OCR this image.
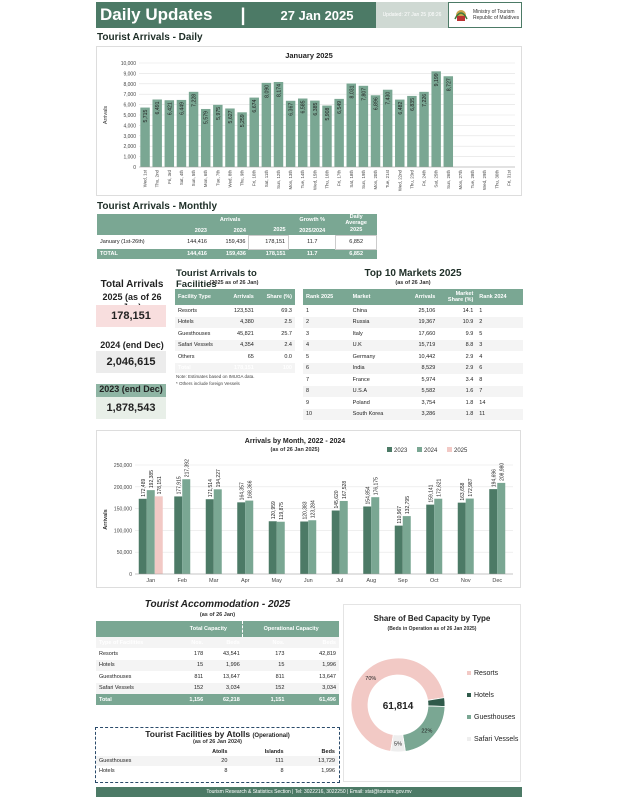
Daily Updates	|	27 Jan 2025	Updated: 27 Jan 25 |08:26	Ministry of Tourism
Republic of Maldives
Tourist Arrivals - Daily
January 2025
Arrivals
0
1,000
2,000
3,000
4,000
5,000
6,000
7,000
8,000
9,000
10,000
5,715
Wed, 1st
6,491
Thu, 2nd
6,421
Fri, 3rd
6,449
Sat, 4th
7,228
Sun, 5th
5,579
Mon, 6th
5,975
Tue, 7th
5,627
Wed, 8th
5,259
Thu, 9th
6,674
Fri, 10th
8,090
Sat, 11th
8,174
Sun, 12th
6,367
Mon, 13th
6,585
Tue, 14th
6,385
Wed, 15th
5,908
Thu, 16th
6,549
Fri, 17th
8,031
Sat, 18th
7,807
Sun, 19th
6,896
Mon, 20th
7,430
Tue, 21st
6,482
Wed, 22nd
6,835
Thu, 23rd
7,226
Fri, 24th
9,199
Sat, 25th
8,727
Sun, 26th Mon, 27th Tue, 28th Wed, 29th Thu, 30th Fri, 31st
Tourist Arrivals - Monthly
	Arrivals			Growth %	Daily
Average
	2023	2024	2025	2025/2024	2025
January (1st-26th)	144,416	159,436	178,151	11.7	6,852
TOTAL	144,416	159,436	178,151	11.7	6,852
Total Arrivals
2025 (as of 26
178,151
2024 (end Dec)
2,046,615
2023 (end Dec)
1,878,543
Tourist Arrivals to Facilities
(2025 as of 26 Jan)
Facility Type	Arrivals	Share (%)
Resorts	123,531	69.3
Hotels	4,380	2.5
Guesthouses	45,821	25.7
Safari Vessels	4,354	2.4
Others	65	0.0
Total	178,151	100
Note: Estimates based on IMUGA data.
* Others include foreign Vessels
Top 10 Markets 2025
(as of 26 Jan)
Rank 2025	Market	Arrivals	Market Share (%)	Rank 2024
1	China	25,106	14.1	1
2	Russia	19,367	10.9	2
3	Italy	17,660	9.9	5
4	U.K	15,719	8.8	3
5	Germany	10,442	2.9	4
6	India	8,529	2.9	6
7	France	5,974	3.4	8
8	U.S.A	5,582	1.6	7
9	Poland	3,754	1.8	14
10	South Korea	3,286	1.8	11
Arrivals by Month, 2022 - 2024
(as of 26 Jan 2025)
Arrivals
2023	2024	2025
0
50,000
100,000
150,000
200,000
250,000
172,489 192,385 178,151
Jan
177,915
217,392
Feb
171,514
194,227
Mar
164,357 168,366
Apr
120,959 119,875
May
120,383 123,284
Jun
145,620
167,528
Jul
154,854
176,175
Aug
110,967
132,795
Sep
159,141 172,621
Oct
163,658 172,987
Nov
194,696 208,980
Dec
Tourist Accommodation - 2025
(as of 26 Jan)
	Total Capacity		Operational Capacity	
Type of Facilities	Nos.	Beds	Nos.	Beds
Resorts	178	43,541	173	42,819
Hotels	15	1,996	15	1,996
Guesthouses	811	13,647	811	13,647
Safari Vessels	152	3,034	152	3,034
Total	1,156	62,218	1,151	61,496
Tourist Facilities by Atolls (Operational)
(as of 26 Jan 2024)
	Atolls	Islands	Beds
Guesthouses	20	111	13,729
Hotels	8	8	1,996
Share of Bed Capacity by Type
(Beds in Operation as of 26 Jan 2025)
70%
22%
5%
61,814
Resorts
Hotels
Guesthouses
Safari Vessels
Tourism Research & Statistics Section | Tel: 3022216, 3022250 | Email: stat@tourism.gov.mv
